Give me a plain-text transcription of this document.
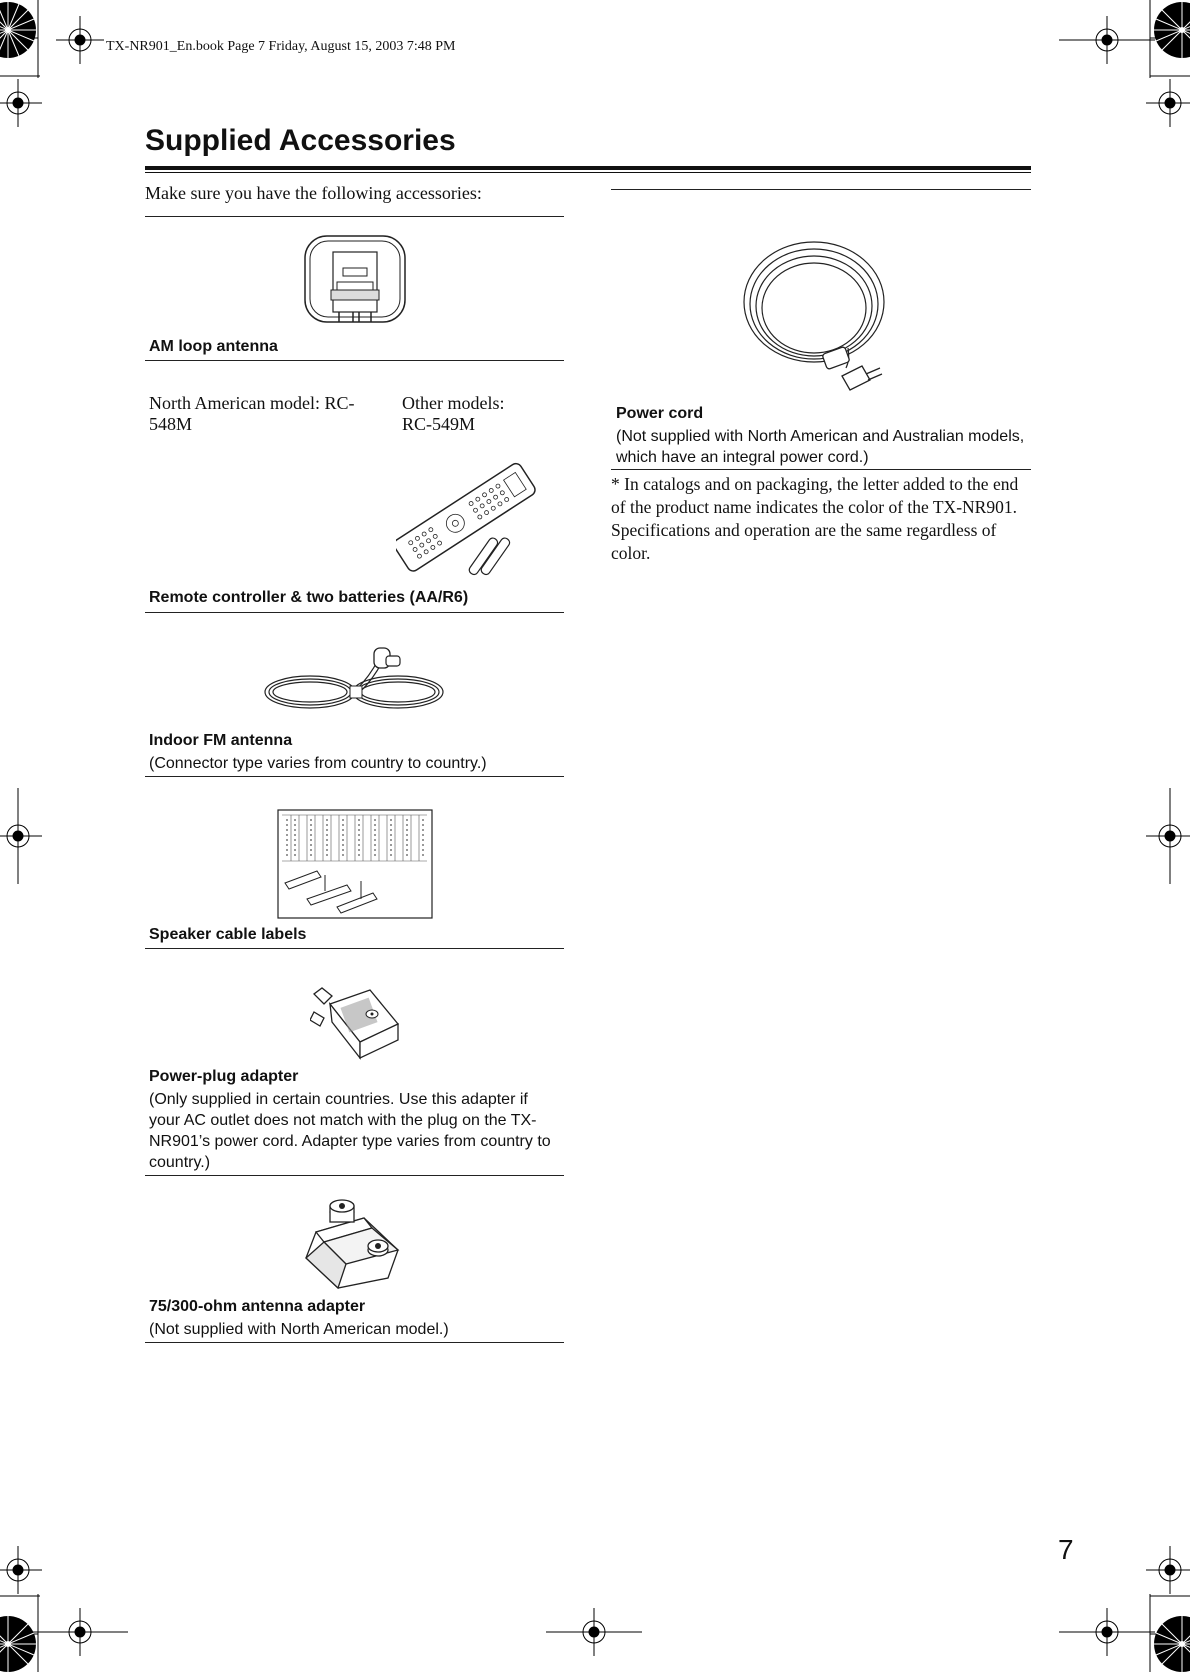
TX-NR901_En.book Page 7 Friday, August 15, 2003 7:48 PM
Supplied Accessories
Make sure you have the following accessories:
AM loop antenna
North American model: RC-548M
Other models: RC-549M
Remote controller & two batteries (AA/R6)
Indoor FM antenna
(Connector type varies from country to country.)
Speaker cable labels
Power-plug adapter
(Only supplied in certain countries. Use this adapter if your AC outlet does not match with the plug on the TX-NR901’s power cord. Adapter type varies from country to country.)
75/300-ohm antenna adapter
(Not supplied with North American model.)
Power cord
(Not supplied with North American and Australian models, which have an integral power cord.)
* In catalogs and on packaging, the letter added to the end of the product name indicates the color of the TX-NR901. Specifications and operation are the same regardless of color.
7
